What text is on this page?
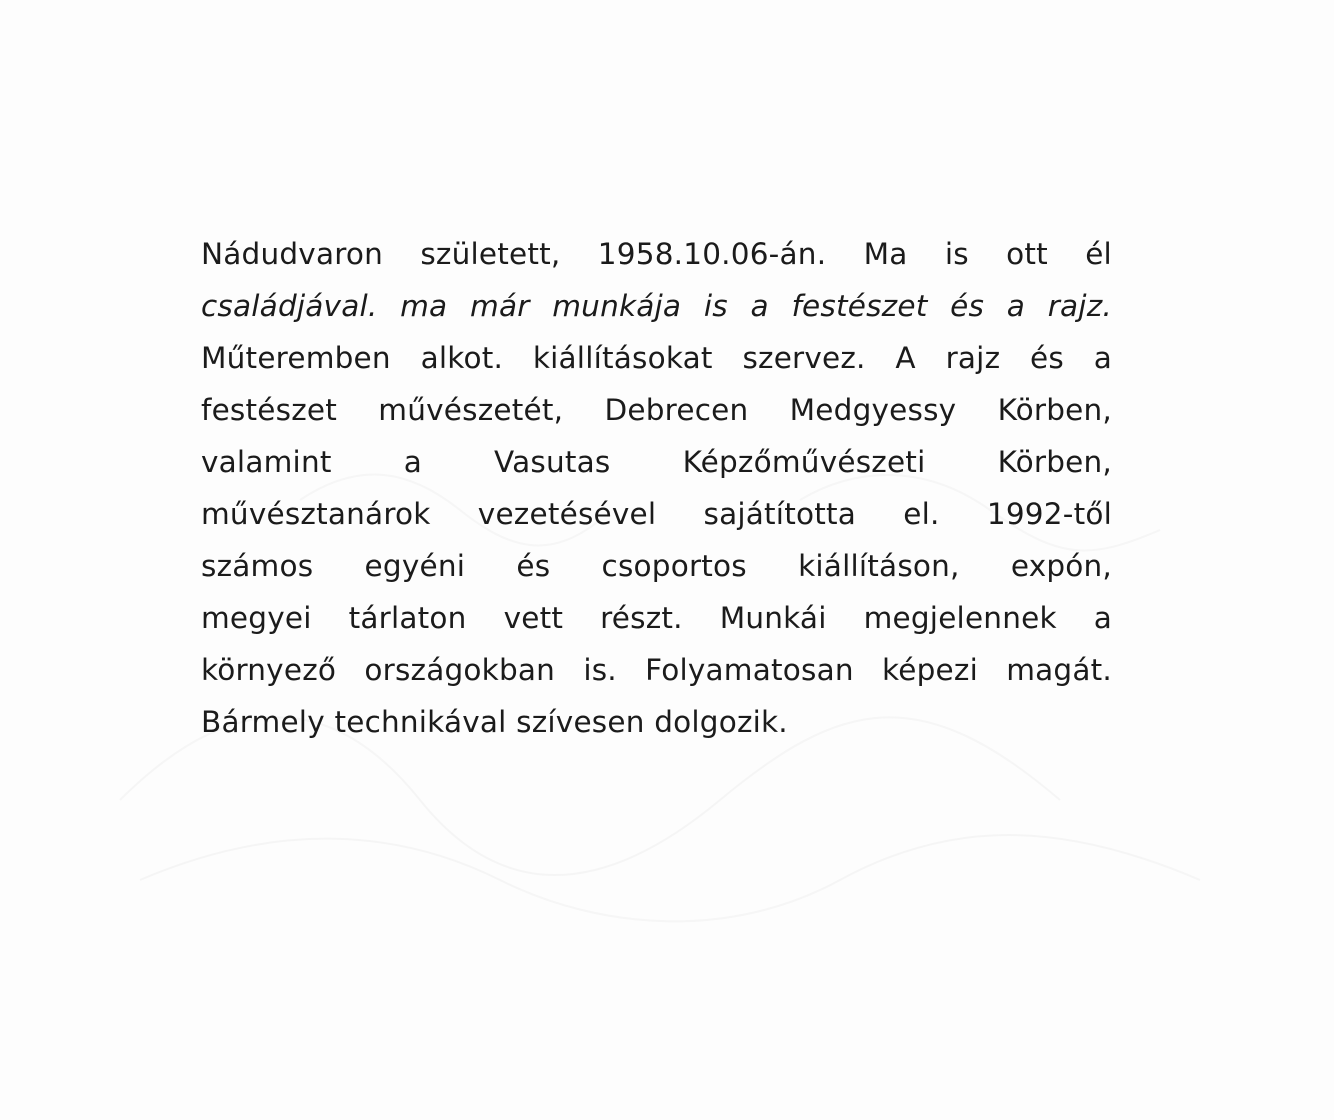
Nádudvaron született, 1958.10.06-án. Ma is ott él
családjával. ma már munkája is a festészet és a rajz.
Műteremben alkot. kiállításokat szervez. A rajz és a
festészet művészetét, Debrecen Medgyessy Körben,
valamint a Vasutas Képzőművészeti Körben,
művésztanárok vezetésével sajátította el. 1992-től
számos egyéni és csoportos kiállításon, expón,
megyei tárlaton vett részt. Munkái megjelennek a
környező országokban is. Folyamatosan képezi magát.
Bármely technikával szívesen dolgozik.
